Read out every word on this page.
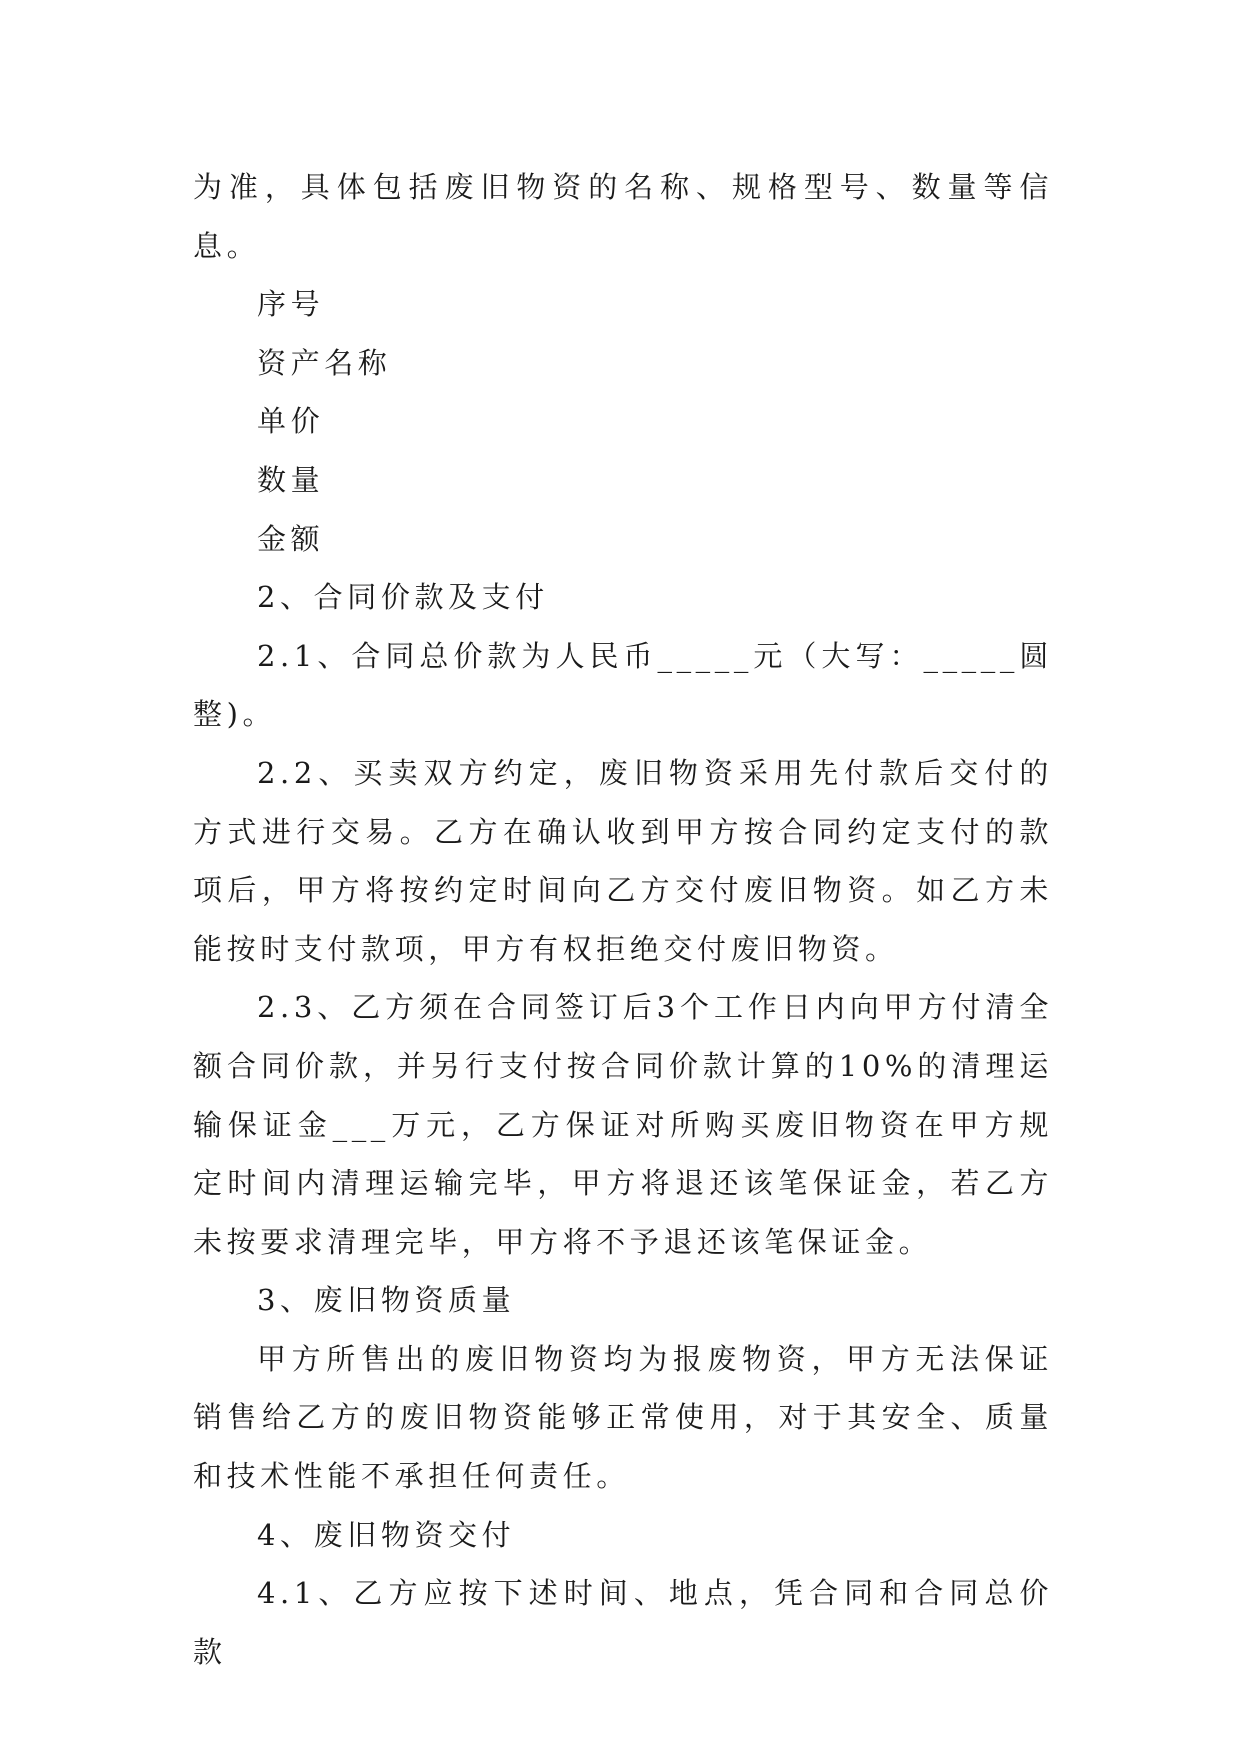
为准，具体包括废旧物资的名称、规格型号、数量等信息。

序号

资产名称

单价

数量

金额

2、合同价款及支付

2.1、合同总价款为人民币_____元（大写：_____圆整)。

2.2、买卖双方约定，废旧物资采用先付款后交付的方式进行交易。乙方在确认收到甲方按合同约定支付的款项后，甲方将按约定时间向乙方交付废旧物资。如乙方未能按时支付款项，甲方有权拒绝交付废旧物资。

2.3、乙方须在合同签订后3个工作日内向甲方付清全额合同价款，并另行支付按合同价款计算的10%的清理运输保证金___万元，乙方保证对所购买废旧物资在甲方规定时间内清理运输完毕，甲方将退还该笔保证金，若乙方未按要求清理完毕，甲方将不予退还该笔保证金。

3、废旧物资质量

甲方所售出的废旧物资均为报废物资，甲方无法保证销售给乙方的废旧物资能够正常使用，对于其安全、质量和技术性能不承担任何责任。

4、废旧物资交付

4.1、乙方应按下述时间、地点，凭合同和合同总价款
